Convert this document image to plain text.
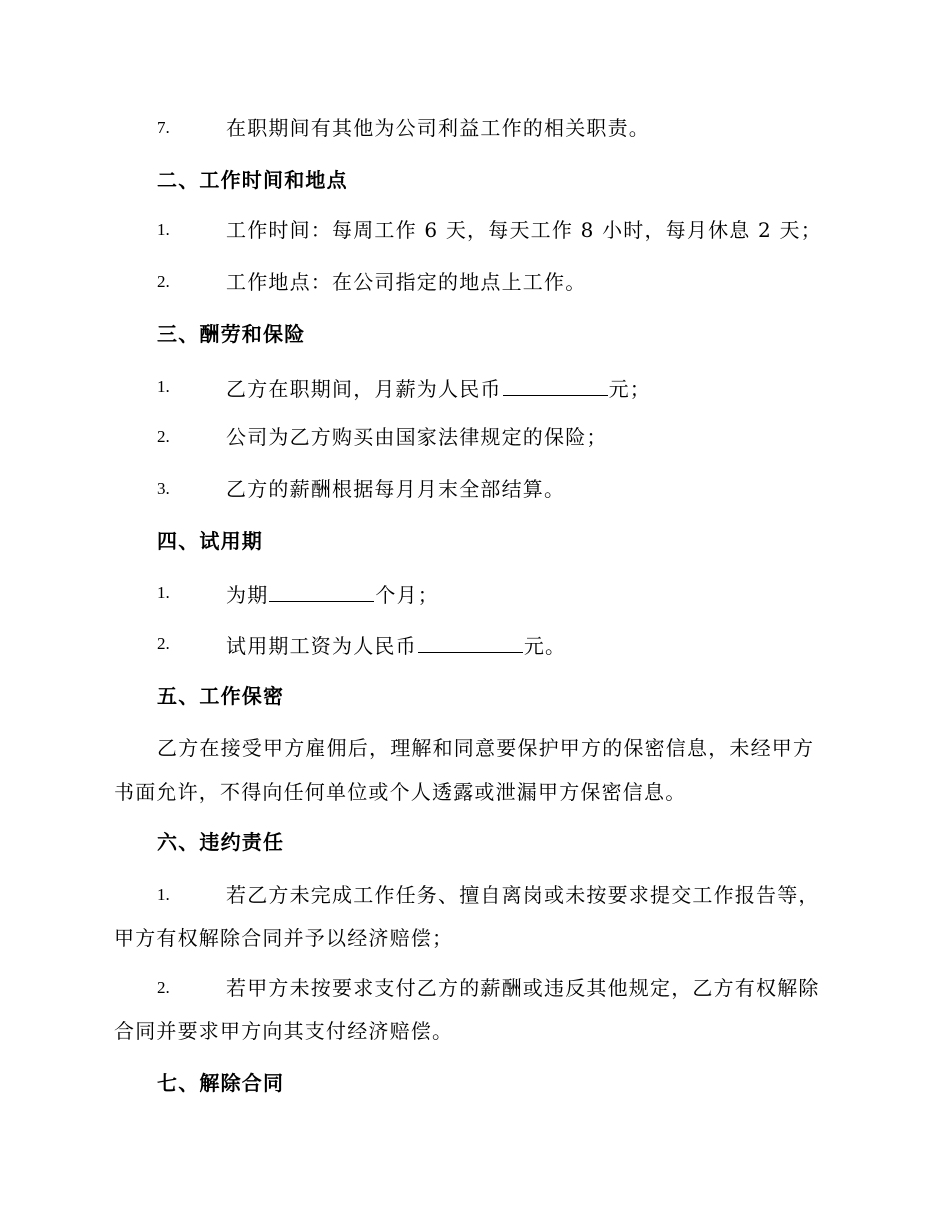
7.	在职期间有其他为公司利益工作的相关职责。
二、工作时间和地点
1.	工作时间：每周工作 6 天，每天工作 8 小时，每月休息 2 天；
2.	工作地点：在公司指定的地点上工作。
三、酬劳和保险
1.	乙方在职期间，月薪为人民币	元；
2.	公司为乙方购买由国家法律规定的保险；
3.	乙方的薪酬根据每月月末全部结算。
四、试用期
1.	为期	个月；
2.	试用期工资为人民币	元。
五、工作保密
乙方在接受甲方雇佣后，理解和同意要保护甲方的保密信息，未经甲方
书面允许，不得向任何单位或个人透露或泄漏甲方保密信息。
六、违约责任
1.	若乙方未完成工作任务、擅自离岗或未按要求提交工作报告等，
甲方有权解除合同并予以经济赔偿；
2.	若甲方未按要求支付乙方的薪酬或违反其他规定，乙方有权解除
合同并要求甲方向其支付经济赔偿。
七、解除合同
